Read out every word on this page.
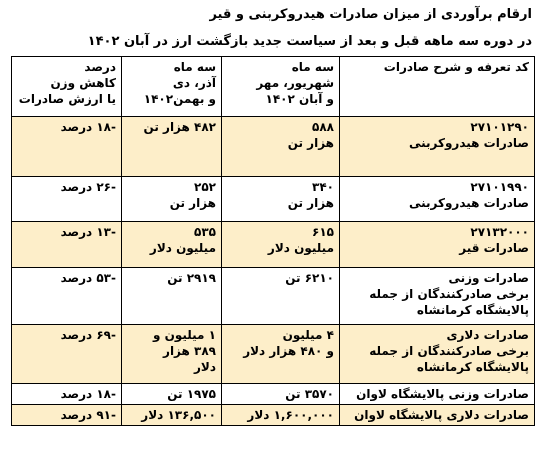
ارقام برآوردی از میزان صادرات هیدروکربنی و قیر
در دوره سه ماهه قبل و بعد از سیاست جدید بازگشت ارز در آبان ۱۴۰۲
کد تعرفه و شرح صادرات	سه ماه
شهریور، مهر
و آبان ۱۴۰۲	سه ماه
آذر، دی
و بهمن۱۴۰۲	درصد
کاهش وزن
یا ارزش صادرات

۲۷۱۰۱۲۹۰
صادرات هیدروکربنی	۵۸۸
هزار تن	۴۸۲ هزار تن	-۱۸ درصد

۲۷۱۰۱۹۹۰
صادرات هیدروکربنی	۳۴۰
هزار تن	۲۵۲
هزار تن	-۲۶ درصد

۲۷۱۳۲۰۰۰
صادرات قیر	۶۱۵
میلیون دلار	۵۳۵
میلیون دلار	-۱۳ درصد

صادرات وزنی
برخی صادرکنندگان از جمله
پالایشگاه کرمانشاه	۶۲۱۰ تن	۲۹۱۹ تن	-۵۳ درصد

صادرات دلاری
برخی صادرکنندگان از جمله
پالایشگاه کرمانشاه	۴ میلیون
و ۴۸۰ هزار دلار	۱ میلیون و
۳۸۹ هزار
دلار	-۶۹ درصد

صادرات وزنی پالایشگاه لاوان	۳۵۷۰ تن	۱۹۷۵ تن	-۱۸ درصد

صادرات دلاری پالایشگاه لاوان	۱,۶۰۰,۰۰۰ دلار	۱۳۶,۵۰۰ دلار	-۹۱ درصد
